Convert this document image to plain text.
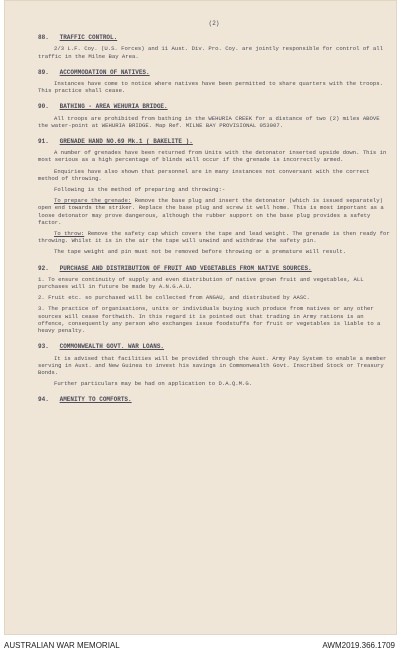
(2)
88. TRAFFIC CONTROL.

2/3 L.F. Coy. (U.S. Forces) and 11 Aust. Div. Pro. Coy. are jointly responsible for control of all traffic in the Milne Bay Area.

89. ACCOMMODATION OF NATIVES.

Instances have come to notice where natives have been permitted to share quarters with the troops. This practice shall cease.

90. BATHING - AREA WEHURIA BRIDGE.

All troops are prohibited from bathing in the WEHURIA CREEK for a distance of two (2) miles ABOVE the water-point at WEHURIA BRIDGE. Map Ref. MILNE BAY PROVISIONAL 053007.

91. GRENADE HAND NO.69 Mk.1 ( BAKELITE ).

A number of grenades have been returned from Units with the detonator inserted upside down. This in most serious as a high percentage of blinds will occur if the grenade is incorrectly armed.

Enquiries have also shown that personnel are in many instances not conversant with the correct method of throwing.

Following is the method of preparing and throwing:-

To prepare the grenade: Remove the base plug and insert the detonator (which is issued separately) open end towards the striker. Replace the base plug and screw it well home. This is most important as a loose detonator may prove dangerous, although the rubber support on the base plug provides a safety factor.

To throw: Remove the safety cap which covers the tape and lead weight. The grenade is then ready for throwing. Whilst it is in the air the tape will unwind and withdraw the safety pin.

The tape weight and pin must not be removed before throwing or a premature will result.

92. PURCHASE AND DISTRIBUTION OF FRUIT AND VEGETABLES FROM NATIVE SOURCES.

1. To ensure continuity of supply and even distribution of native grown fruit and vegetables, ALL purchases will in future be made by A.N.G.A.U.

2. Fruit etc. so purchased will be collected from ANGAU, and distributed by AASC.

3. The practice of organisations, units or individuals buying such produce from natives or any other sources will cease forthwith. In this regard it is pointed out that trading in Army rations is an offence, consequently any person who exchanges issue foodstuffs for fruit or vegetables is liable to a heavy penalty.

93. COMMONWEALTH GOVT. WAR LOANS.

It is advised that facilities will be provided through the Aust. Army Pay System to enable a member serving in Aust. and New Guinea to invest his savings in Commonwealth Govt. Inscribed Stock or Treasury Bonds.

Further particulars may be had on application to D.A.Q.M.G.

94. AMENITY TO COMFORTS.
AUSTRALIAN WAR MEMORIAL	AWM2019.366.1709
